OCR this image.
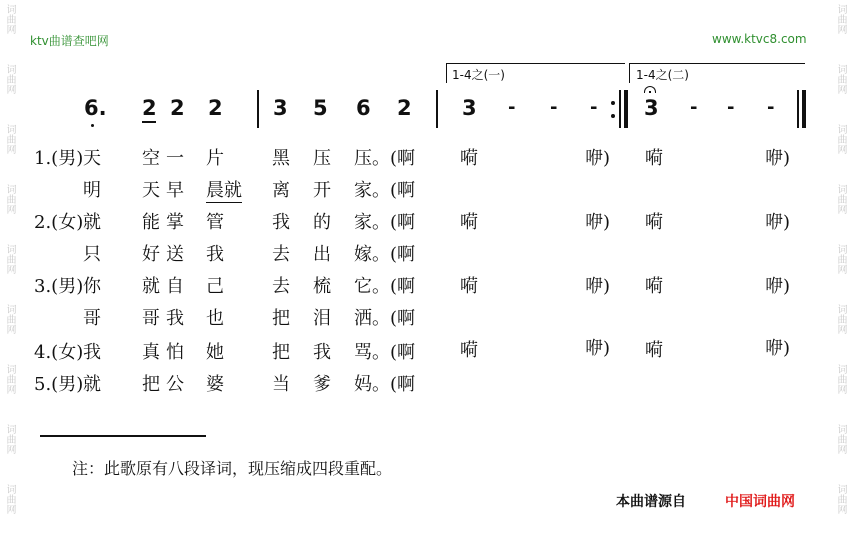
词曲网
词曲网
词曲网
词曲网
词曲网
词曲网
词曲网
词曲网
词曲网
词曲网
词曲网
词曲网
词曲网
词曲网
词曲网
词曲网
词曲网
词曲网
ktv曲谱查吧网	www.ktvc8.com
1-4之(一)	1-4之(二)
6. 2 2 2 3 5 6 2 3 - - - 3 - - -
1.(男) 天 空一 片	黑 压 压。(啊 嗬	咿) 嗬	咿)
明 天早 晨就 离 开 家。(啊
2.(女) 就 能掌 管	我 的 家。(啊 嗬	咿) 嗬	咿)
只 好送 我	去 出 嫁。(啊
3.(男) 你 就自 己	去 梳 它。(啊 嗬	咿) 嗬	咿)
哥 哥我 也	把 泪 洒。(啊
4.(女) 我 真怕 她	把 我 骂。(啊 嗬	咿) 嗬	咿)
5.(男) 就 把公 婆	当 爹 妈。(啊
注：此歌原有八段译词，现压缩成四段重配。
本曲谱源自	中国词曲网
